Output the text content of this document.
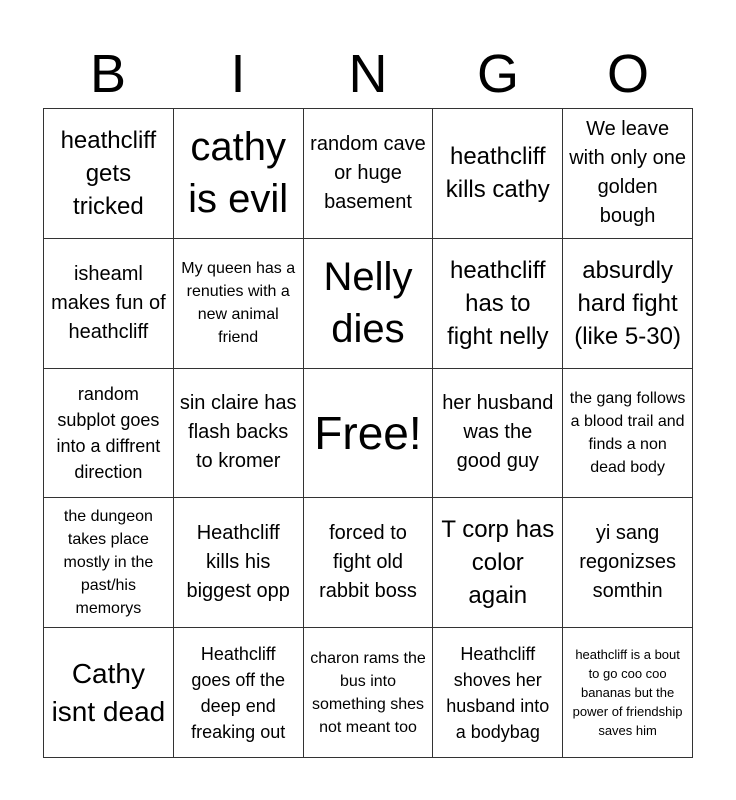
B	I	N	G	O
heathcliff gets tricked
cathy is evil
random cave or huge basement
heathcliff kills cathy
We leave with only one golden bough
isheaml makes fun of heathcliff
My queen has a renuties with a new animal friend
Nelly dies
heathcliff has to fight nelly
absurdly hard fight (like 5-30)
random subplot goes into a diffrent direction
sin claire has flash backs to kromer
Free!
her husband was the good guy
the gang follows a blood trail and finds a non dead body
the dungeon takes place mostly in the past/his memorys
Heathcliff kills his biggest opp
forced to fight old rabbit boss
T corp has color again
yi sang regonizses somthin
Cathy isnt dead
Heathcliff goes off the deep end freaking out
charon rams the bus into something shes not meant too
Heathcliff shoves her husband into a bodybag
heathcliff is a bout to go coo coo bananas but the power of friendship saves him
